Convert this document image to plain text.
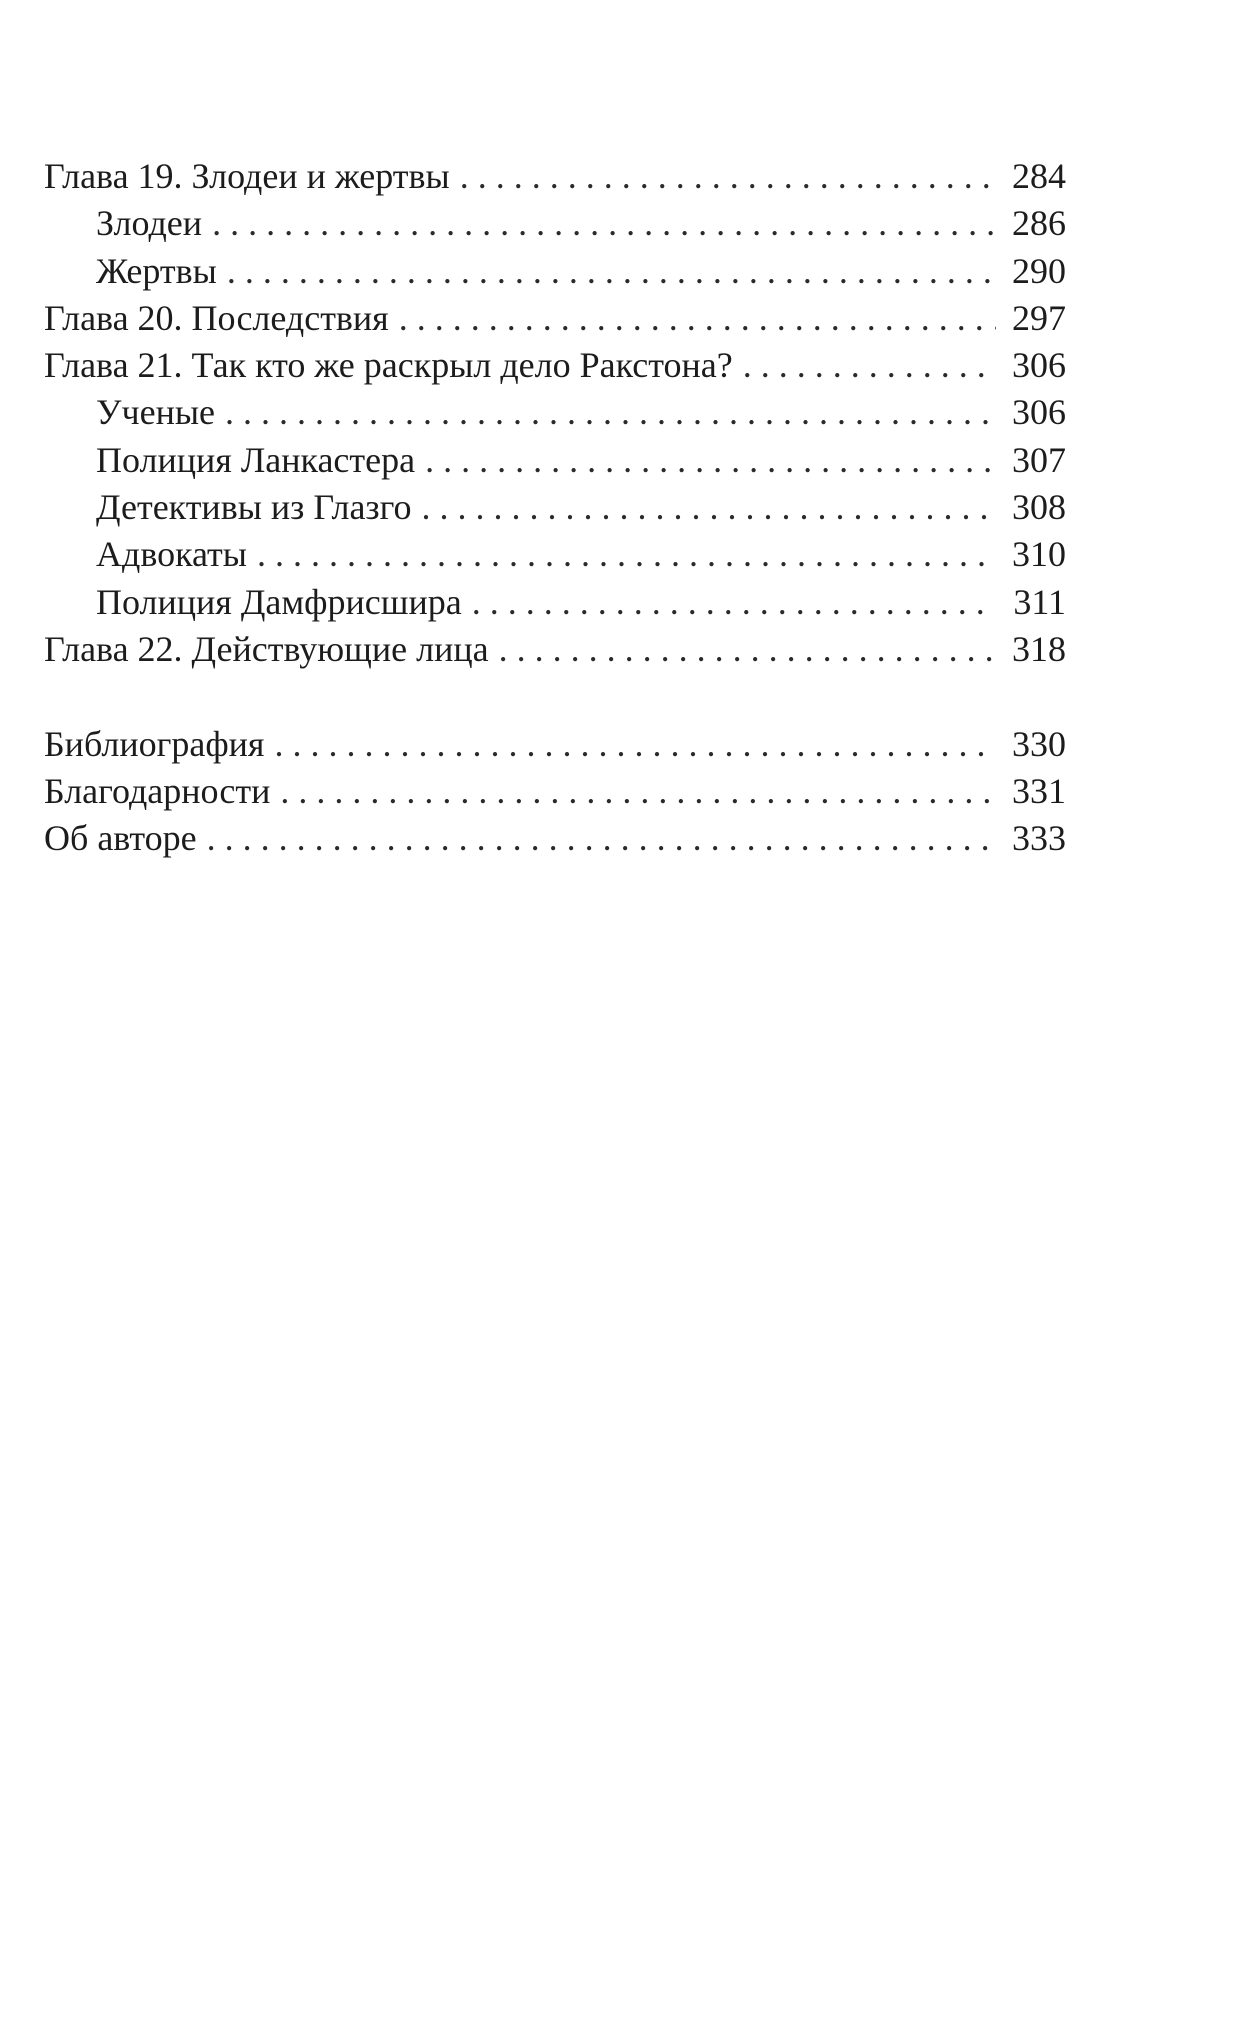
Глава 19. Злодеи и жертвы . . .	284
Злодеи . . .	286
Жертвы . . .	290
Глава 20. Последствия . . .	297
Глава 21. Так кто же раскрыл дело Ракстона? . . .	306
Ученые . . .	306
Полиция Ланкастера . . .	307
Детективы из Глазго . . .	308
Адвокаты . . .	310
Полиция Дамфрисшира . . .	311
Глава 22. Действующие лица . . .	318
Библиография . . .	330
Благодарности . . .	331
Об авторе . . .	333
